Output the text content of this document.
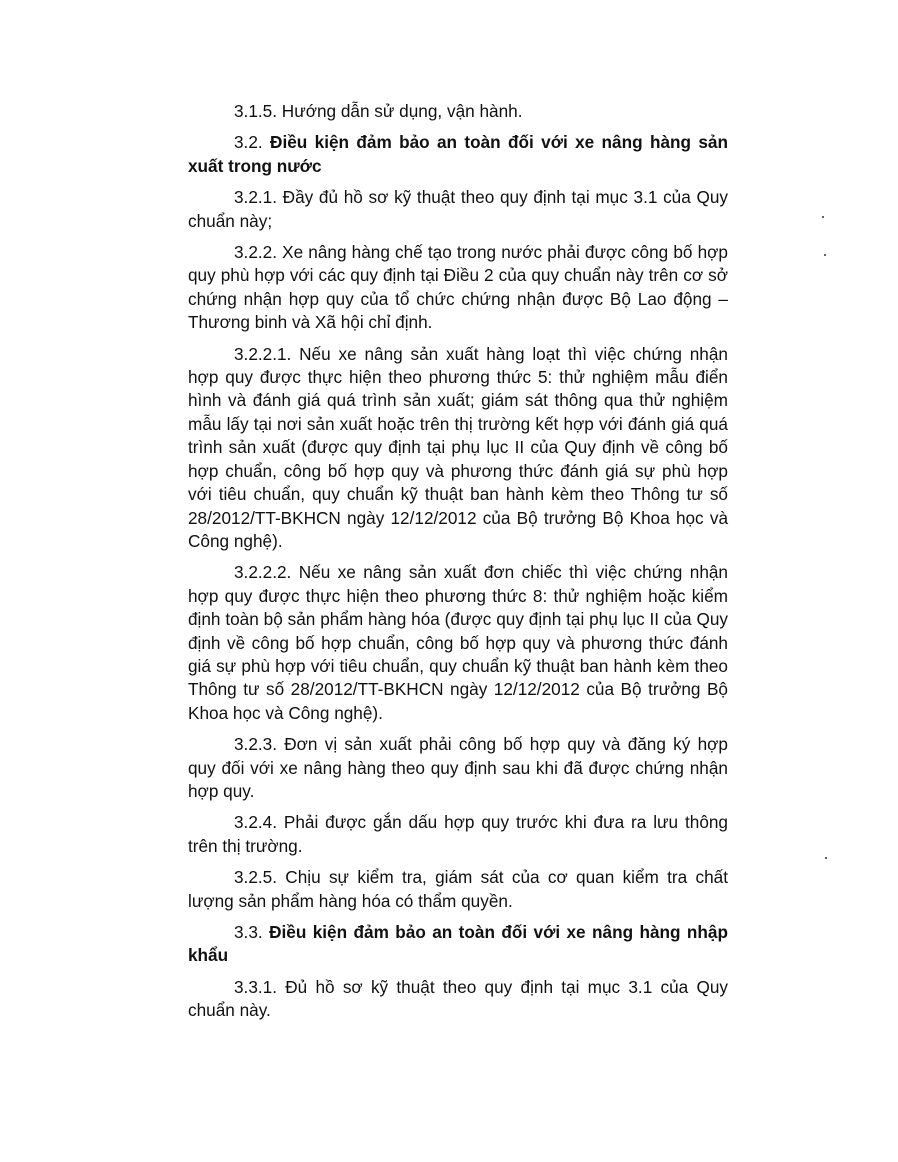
3.1.5. Hướng dẫn sử dụng, vận hành.

3.2. Điều kiện đảm bảo an toàn đối với xe nâng hàng sản xuất trong nước

3.2.1. Đầy đủ hồ sơ kỹ thuật theo quy định tại mục 3.1 của Quy chuẩn này;

3.2.2. Xe nâng hàng chế tạo trong nước phải được công bố hợp quy phù hợp với các quy định tại Điều 2 của quy chuẩn này trên cơ sở chứng nhận hợp quy của tổ chức chứng nhận được Bộ Lao động – Thương binh và Xã hội chỉ định.

3.2.2.1. Nếu xe nâng sản xuất hàng loạt thì việc chứng nhận hợp quy được thực hiện theo phương thức 5: thử nghiệm mẫu điển hình và đánh giá quá trình sản xuất; giám sát thông qua thử nghiệm mẫu lấy tại nơi sản xuất hoặc trên thị trường kết hợp với đánh giá quá trình sản xuất (được quy định tại phụ lục II của Quy định về công bố hợp chuẩn, công bố hợp quy và phương thức đánh giá sự phù hợp với tiêu chuẩn, quy chuẩn kỹ thuật ban hành kèm theo Thông tư số 28/2012/TT-BKHCN ngày 12/12/2012 của Bộ trưởng Bộ Khoa học và Công nghệ).

3.2.2.2. Nếu xe nâng sản xuất đơn chiếc thì việc chứng nhận hợp quy được thực hiện theo phương thức 8: thử nghiệm hoặc kiểm định toàn bộ sản phẩm hàng hóa (được quy định tại phụ lục II của Quy định về công bố hợp chuẩn, công bố hợp quy và phương thức đánh giá sự phù hợp với tiêu chuẩn, quy chuẩn kỹ thuật ban hành kèm theo Thông tư số 28/2012/TT-BKHCN ngày 12/12/2012 của Bộ trưởng Bộ Khoa học và Công nghệ).

3.2.3. Đơn vị sản xuất phải công bố hợp quy và đăng ký hợp quy đối với xe nâng hàng theo quy định sau khi đã được chứng nhận hợp quy.

3.2.4. Phải được gắn dấu hợp quy trước khi đưa ra lưu thông trên thị trường.

3.2.5. Chịu sự kiểm tra, giám sát của cơ quan kiểm tra chất lượng sản phẩm hàng hóa có thẩm quyền.

3.3. Điều kiện đảm bảo an toàn đối với xe nâng hàng nhập khẩu

3.3.1. Đủ hồ sơ kỹ thuật theo quy định tại mục 3.1 của Quy chuẩn này.
